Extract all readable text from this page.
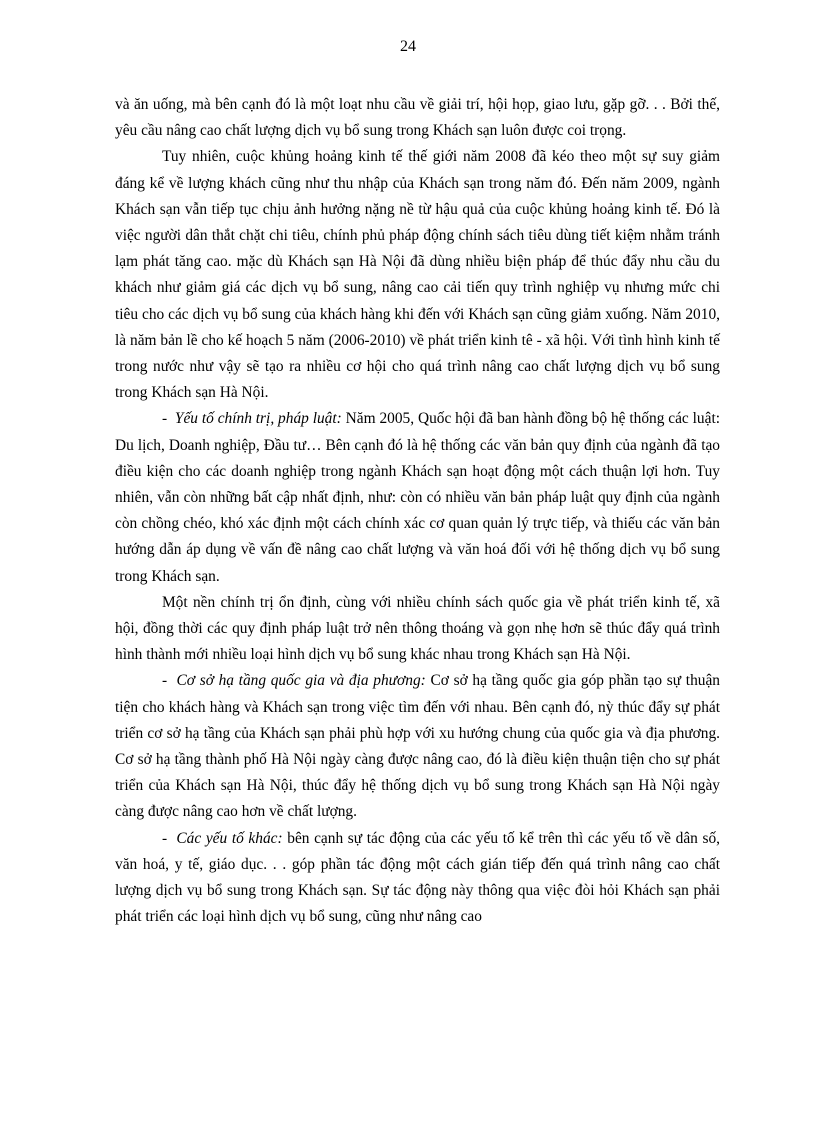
24

và ăn uống, mà bên cạnh đó là một loạt nhu cầu về giải trí, hội họp, giao lưu, gặp gỡ. . . Bởi thế, yêu cầu nâng cao chất lượng dịch vụ bổ sung trong Khách sạn luôn được coi trọng.

Tuy nhiên, cuộc khủng hoảng kinh tế thế giới năm 2008 đã kéo theo một sự suy giảm đáng kể về lượng khách cũng như thu nhập của Khách sạn trong năm đó. Đến năm 2009, ngành Khách sạn vẫn tiếp tục chịu ảnh hưởng nặng nề từ hậu quả của cuộc khủng hoảng kinh tế. Đó là việc người dân thắt chặt chi tiêu, chính phủ pháp động chính sách tiêu dùng tiết kiệm nhằm tránh lạm phát tăng cao. mặc dù Khách sạn Hà Nội đã dùng nhiều biện pháp để thúc đẩy nhu cầu du khách như giảm giá các dịch vụ bổ sung, nâng cao cải tiến quy trình nghiệp vụ nhưng mức chi tiêu cho các dịch vụ bổ sung của khách hàng khi đến với Khách sạn cũng giảm xuống. Năm 2010, là năm bản lề cho kế hoạch 5 năm (2006-2010) về phát triển kinh tê - xã hội. Với tình hình kinh tế trong nước như vậy sẽ tạo ra nhiều cơ hội cho quá trình nâng cao chất lượng dịch vụ bổ sung trong Khách sạn Hà Nội.

- Yếu tố chính trị, pháp luật: Năm 2005, Quốc hội đã ban hành đồng bộ hệ thống các luật: Du lịch, Doanh nghiệp, Đầu tư… Bên cạnh đó là hệ thống các văn bản quy định của ngành đã tạo điều kiện cho các doanh nghiệp trong ngành Khách sạn hoạt động một cách thuận lợi hơn. Tuy nhiên, vẫn còn những bất cập nhất định, như: còn có nhiều văn bản pháp luật quy định của ngành còn chồng chéo, khó xác định một cách chính xác cơ quan quản lý trực tiếp, và thiếu các văn bản hướng dẫn áp dụng về vấn đề nâng cao chất lượng và văn hoá đối với hệ thống dịch vụ bổ sung trong Khách sạn.

Một nền chính trị ổn định, cùng với nhiều chính sách quốc gia về phát triển kinh tế, xã hội, đồng thời các quy định pháp luật trở nên thông thoáng và gọn nhẹ hơn sẽ thúc đẩy quá trình hình thành mới nhiều loại hình dịch vụ bổ sung khác nhau trong Khách sạn Hà Nội.

- Cơ sở hạ tầng quốc gia và địa phương: Cơ sở hạ tầng quốc gia góp phần tạo sự thuận tiện cho khách hàng và Khách sạn trong việc tìm đến với nhau. Bên cạnh đó, nỳ thúc đẩy sự phát triển cơ sở hạ tầng của Khách sạn phải phù hợp với xu hướng chung của quốc gia và địa phương. Cơ sở hạ tầng thành phố Hà Nội ngày càng được nâng cao, đó là điều kiện thuận tiện cho sự phát triển của Khách sạn Hà Nội, thúc đẩy hệ thống dịch vụ bổ sung trong Khách sạn Hà Nội ngày càng được nâng cao hơn về chất lượng.

- Các yếu tố khác: bên cạnh sự tác động của các yếu tố kể trên thì các yếu tố về dân số, văn hoá, y tế, giáo dục. . . góp phần tác động một cách gián tiếp đến quá trình nâng cao chất lượng dịch vụ bổ sung trong Khách sạn. Sự tác động này thông qua việc đòi hỏi Khách sạn phải phát triển các loại hình dịch vụ bổ sung, cũng như nâng cao
